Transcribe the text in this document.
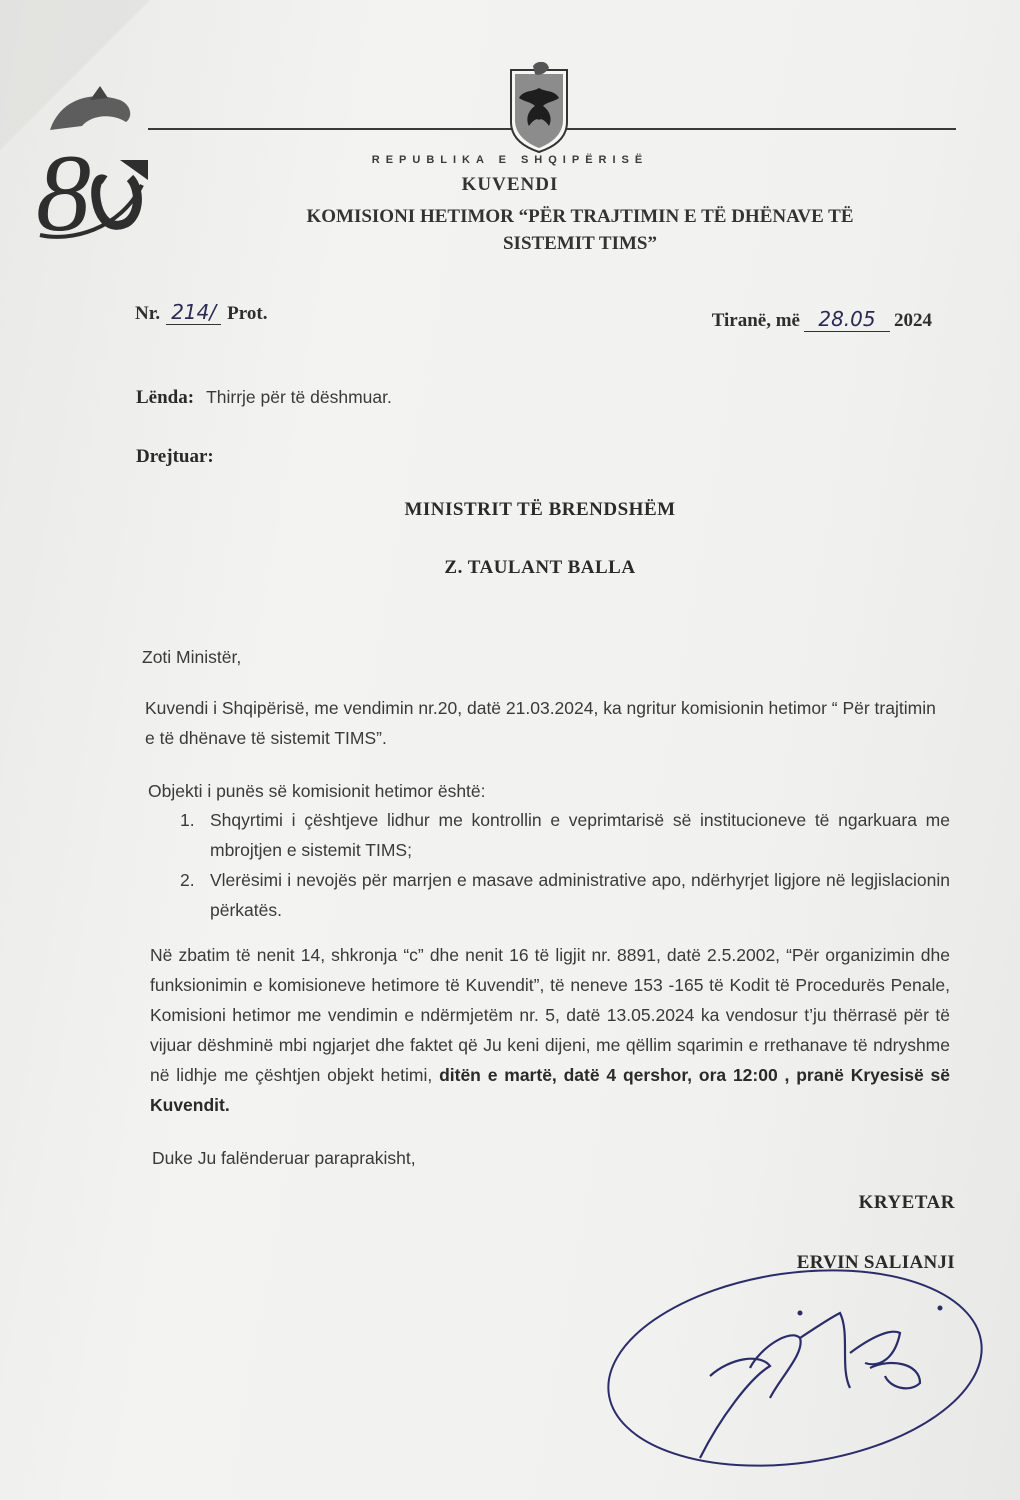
8	REPUBLIKA E SHQIPËRISË
KUVENDI
KOMISIONI HETIMOR “PËR TRAJTIMIN E TË DHËNAVE TË
SISTEMIT TIMS”
Nr. 214/ Prot.	Tiranë, më 28.05 2024
Lënda: Thirrje për të dëshmuar.
Drejtuar:
MINISTRIT TË BRENDSHËM
Z. TAULANT BALLA
Zoti Ministër,
Kuvendi i Shqipërisë, me vendimin nr.20, datë 21.03.2024, ka ngritur komisionin hetimor “ Për trajtimin e të dhënave të sistemit TIMS”.
Objekti i punës së komisionit hetimor është:
1. Shqyrtimi i çështjeve lidhur me kontrollin e veprimtarisë së institucioneve të ngarkuara me mbrojtjen e sistemit TIMS;
2. Vlerësimi i nevojës për marrjen e masave administrative apo, ndërhyrjet ligjore në legjislacionin përkatës.
Në zbatim të nenit 14, shkronja “c” dhe nenit 16 të ligjit nr. 8891, datë 2.5.2002, “Për organizimin dhe funksionimin e komisioneve hetimore të Kuvendit”, të neneve 153 -165 të Kodit të Procedurës Penale, Komisioni hetimor me vendimin e ndërmjetëm nr. 5, datë 13.05.2024 ka vendosur t’ju thërrasë për të vijuar dëshminë mbi ngjarjet dhe faktet që Ju keni dijeni, me qëllim sqarimin e rrethanave të ndryshme në lidhje me çështjen objekt hetimi, ditën e martë, datë 4 qershor, ora 12:00 , pranë Kryesisë së Kuvendit.
Duke Ju falënderuar paraprakisht,
KRYETAR
ERVIN SALIANJI
